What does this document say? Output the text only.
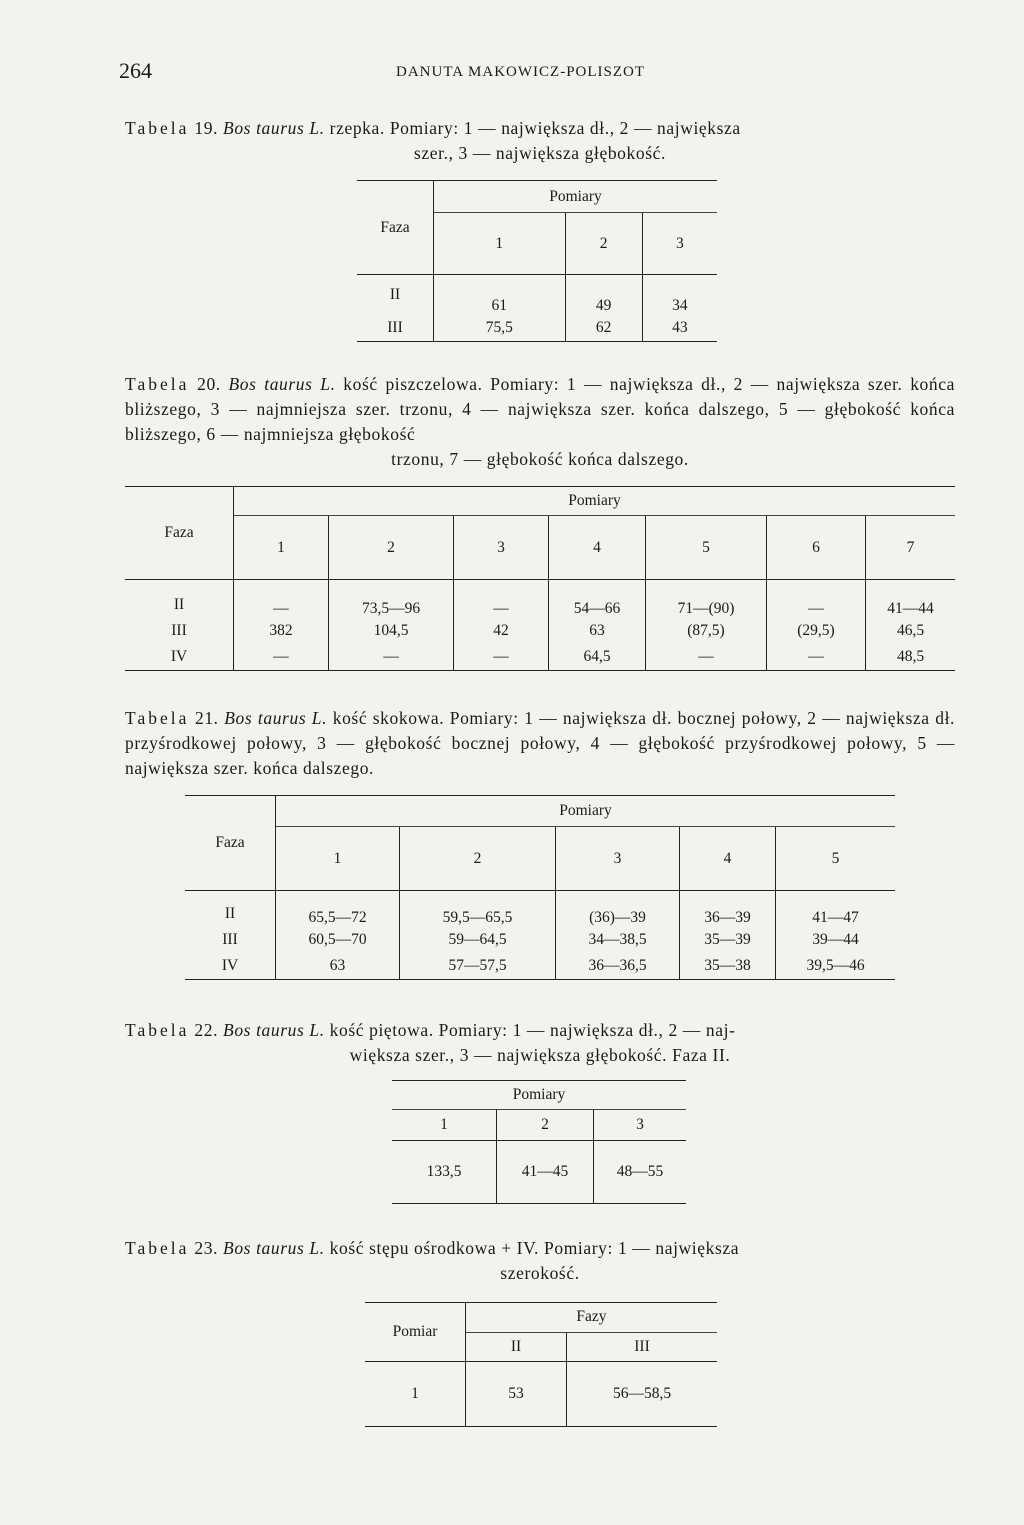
264	DANUTA MAKOWICZ-POLISZOT
Tabela 19. Bos taurus L. rzepka. Pomiary: 1 — największa dł., 2 — największa
szer., 3 — największa głębokość.
Faza	Pomiary		
	1	2	3
II	61	49	34
III	75,5	62	43
Tabela 20. Bos taurus L. kość piszczelowa. Pomiary: 1 — największa dł., 2 — największa szer. końca bliższego, 3 — najmniejsza szer. trzonu, 4 — największa szer. końca dalszego, 5 — głębokość końca bliższego, 6 — najmniejsza głębokość
trzonu, 7 — głębokość końca dalszego.
Faza	Pomiary						
	1	2	3	4	5	6	7
II	—	73,5—96	—	54—66	71—(90)	—	41—44
III	382	104,5	42	63	(87,5)	(29,5)	46,5
IV	—	—	—	64,5	—	—	48,5
Tabela 21. Bos taurus L. kość skokowa. Pomiary: 1 — największa dł. bocznej połowy, 2 — największa dł. przyśrodkowej połowy, 3 — głębokość bocznej połowy, 4 — głębokość przyśrodkowej połowy, 5 — największa szer. końca dalszego.
Faza	Pomiary				
	1	2	3	4	5
II	65,5—72	59,5—65,5	(36)—39	36—39	41—47
III	60,5—70	59—64,5	34—38,5	35—39	39—44
IV	63	57—57,5	36—36,5	35—38	39,5—46
Tabela 22. Bos taurus L. kość piętowa. Pomiary: 1 — największa dł., 2 — naj-
większa szer., 3 — największa głębokość. Faza II.
Pomiary		
1	2	3
133,5	41—45	48—55
Tabela 23. Bos taurus L. kość stępu ośrodkowa + IV. Pomiary: 1 — największa
szerokość.
Pomiar	Fazy	
	II	III
1	53	56—58,5
